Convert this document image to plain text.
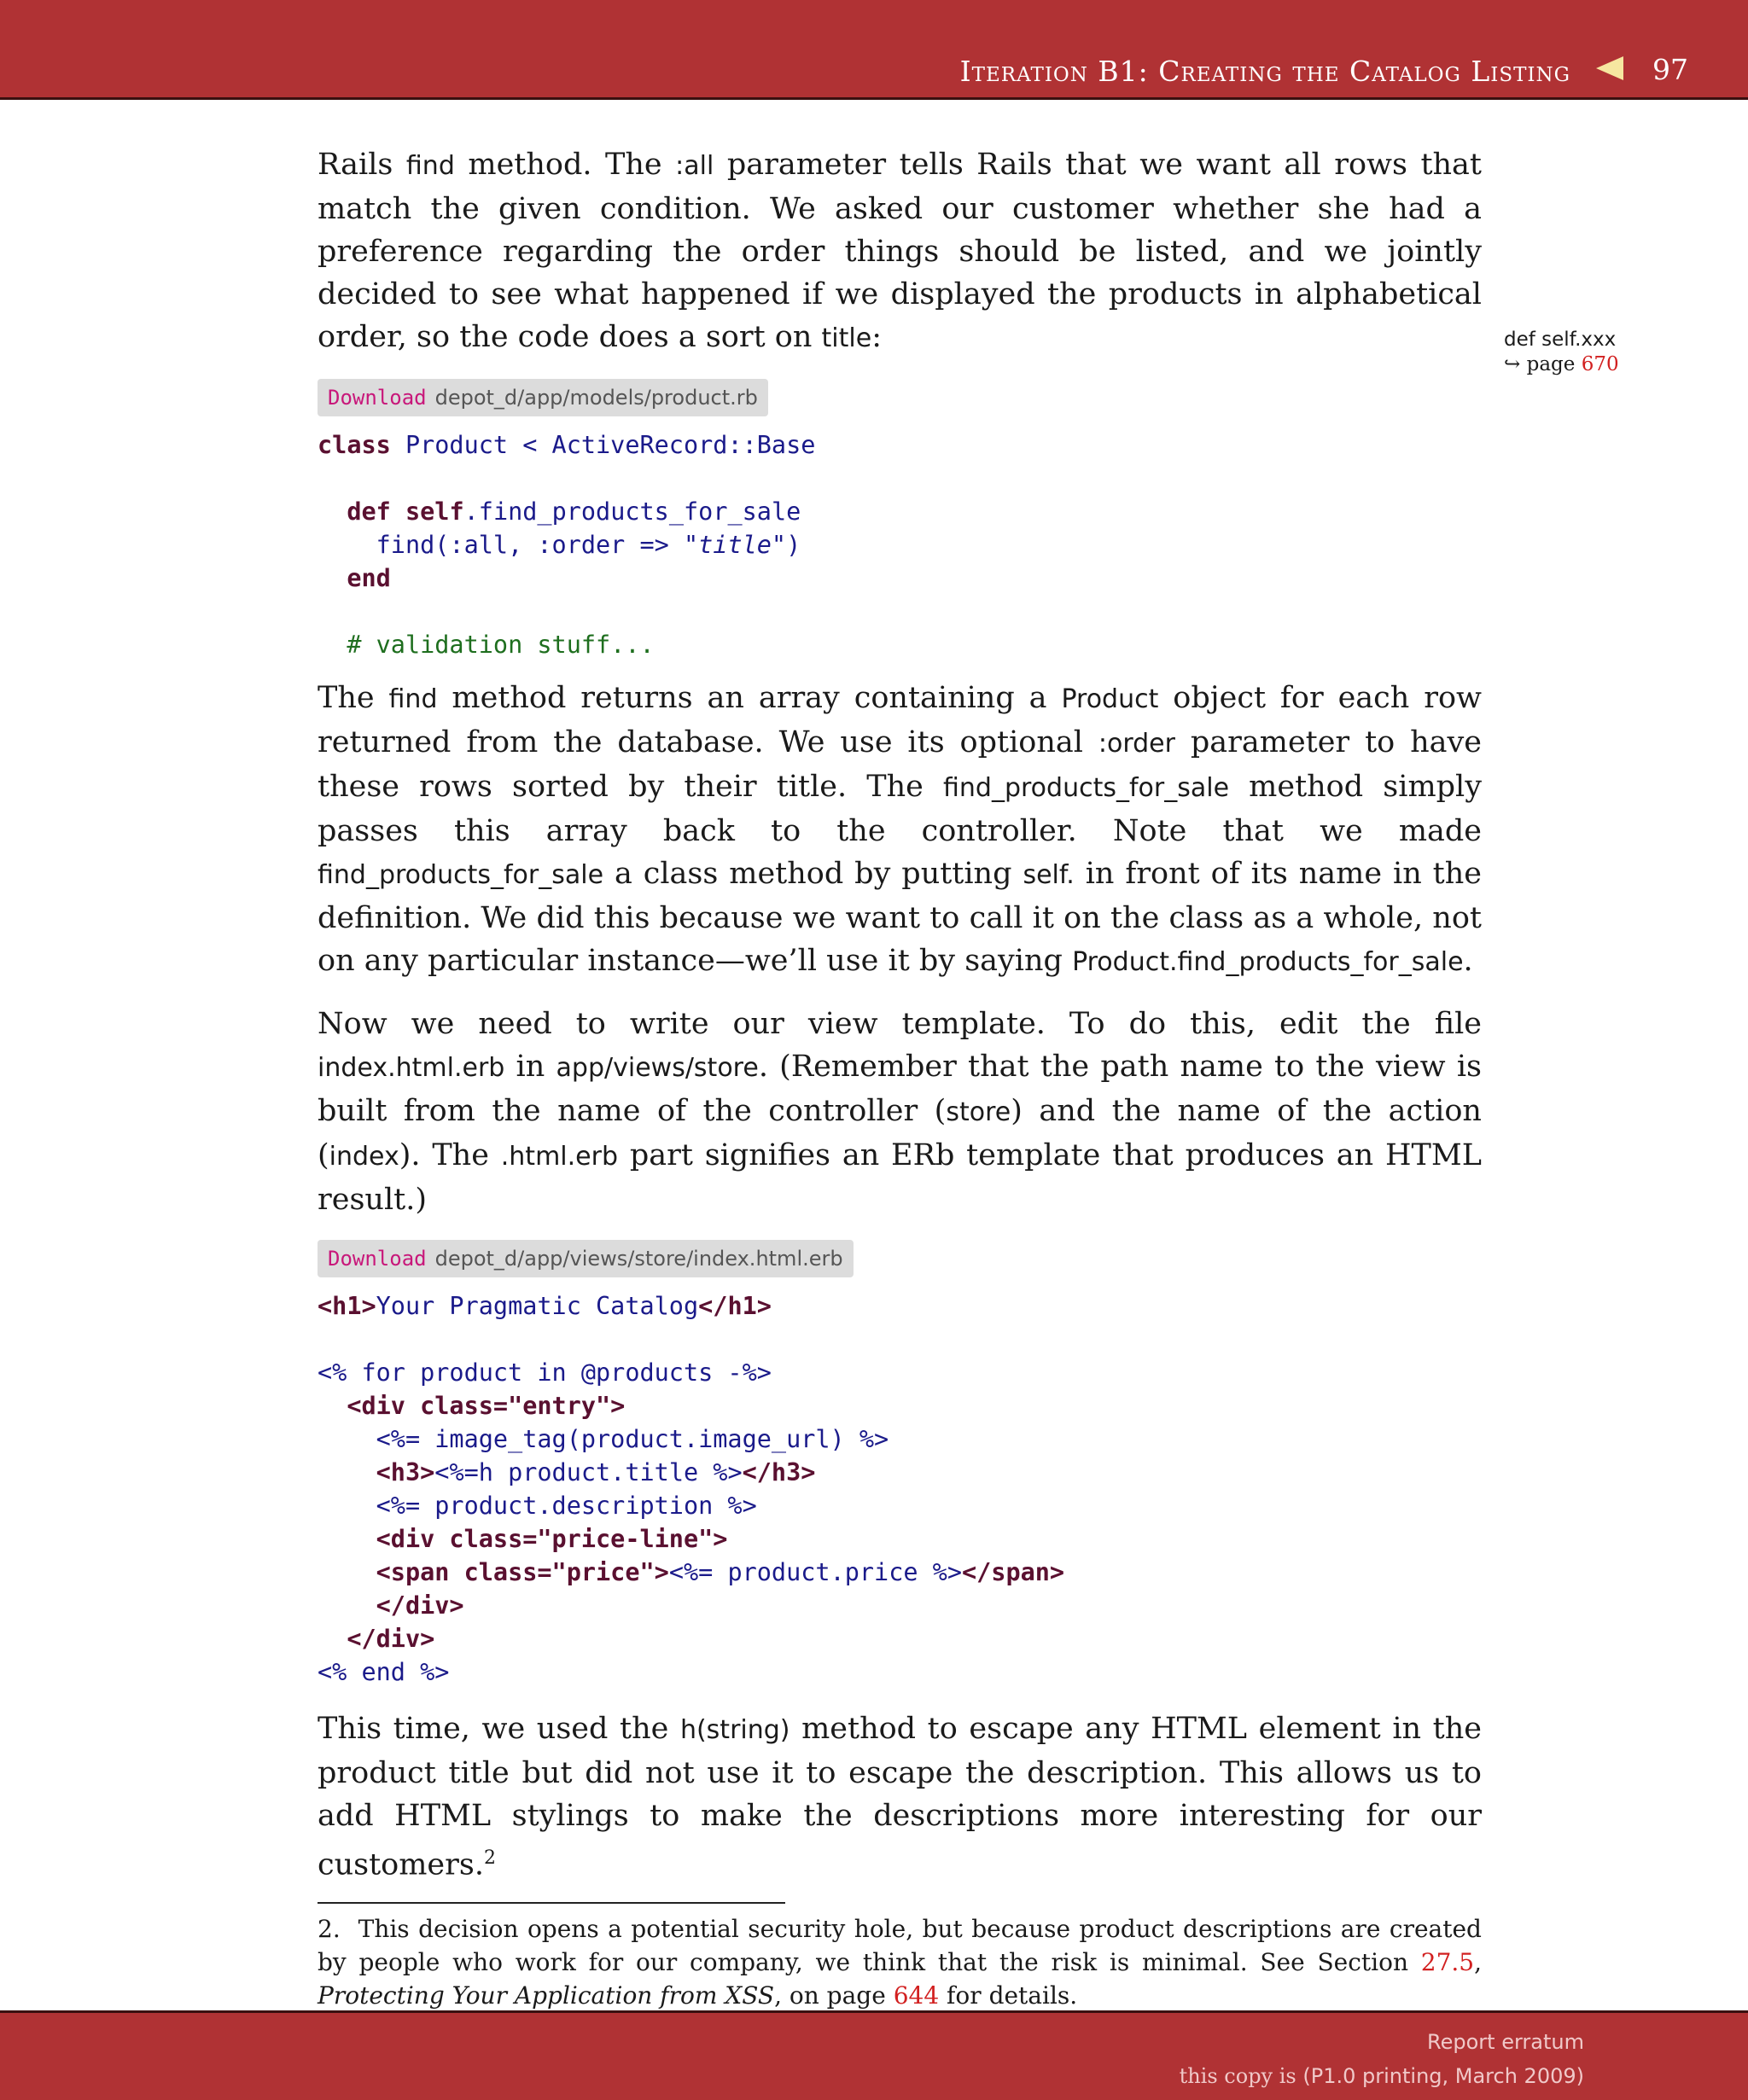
Iteration B1: Creating the Catalog Listing	97
def self.xxx
↪ page 670

Rails find method. The :all parameter tells Rails that we want all rows that match the given condition. We asked our customer whether she had a preference regarding the order things should be listed, and we jointly decided to see what happened if we displayed the products in alphabetical order, so the code does a sort on title:

Download depot_d/app/models/product.rb
class Product < ActiveRecord::Base

def self.find_products_for_sale
find(:all, :order => "title")
end

# validation stuff...

The find method returns an array containing a Product object for each row returned from the database. We use its optional :order parameter to have these rows sorted by their title. The find_products_for_sale method simply passes this array back to the controller. Note that we made find_products_for_sale a class method by putting self. in front of its name in the definition. We did this because we want to call it on the class as a whole, not on any particular instance—we’ll use it by saying Product.find_products_for_sale.

Now we need to write our view template. To do this, edit the file index.html.erb in app/views/store. (Remember that the path name to the view is built from the name of the controller (store) and the name of the action (index). The .html.erb part signifies an ERb template that produces an HTML result.)

Download depot_d/app/views/store/index.html.erb
<h1>Your Pragmatic Catalog</h1>

<% for product in @products -%>
<div class="entry">
<%= image_tag(product.image_url) %>
<h3><%=h product.title %></h3>
<%= product.description %>
<div class="price-line">
<span class="price"><%= product.price %></span>
</div>
</div>
<% end %>

This time, we used the h(string) method to escape any HTML element in the product title but did not use it to escape the description. This allows us to add HTML stylings to make the descriptions more interesting for our customers.$^2$

2. This decision opens a potential security hole, but because product descriptions are created by people who work for our company, we think that the risk is minimal. See Section 27.5, Protecting Your Application from XSS, on page 644 for details.

Report erratum
this copy is (P1.0 printing, March 2009)
